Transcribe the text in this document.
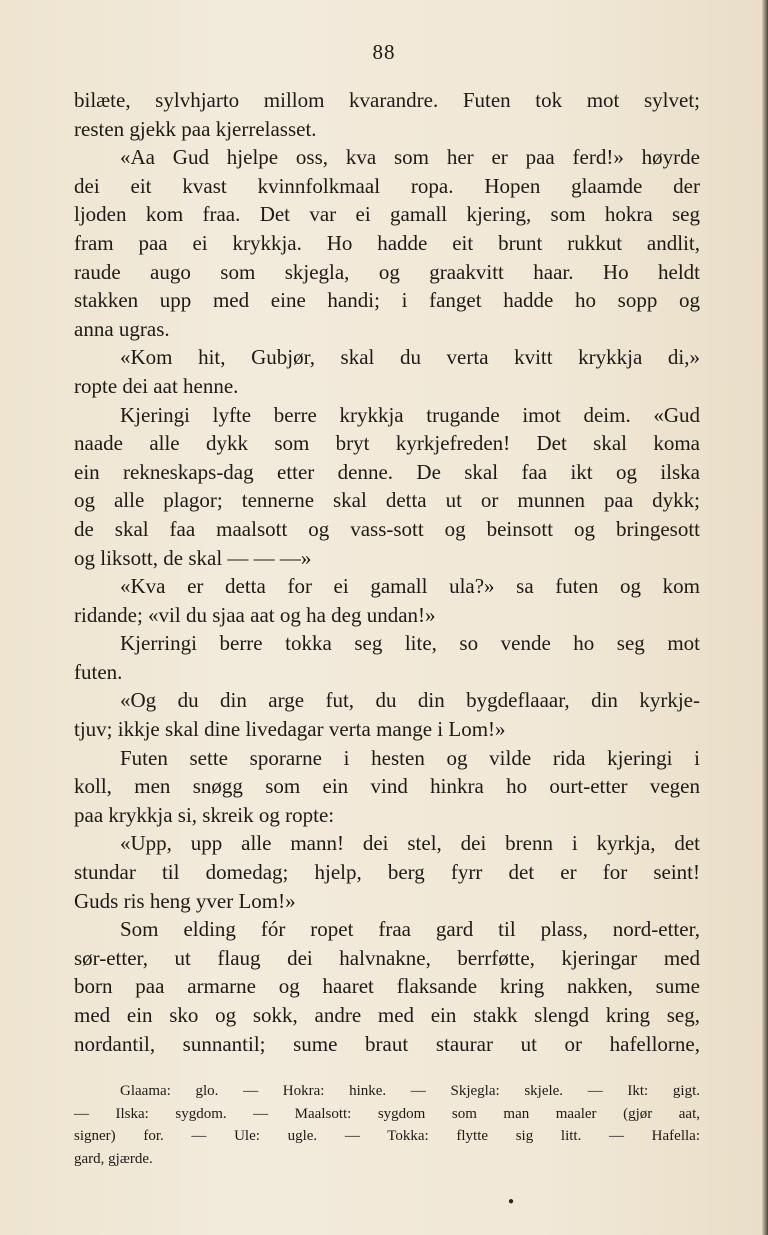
88
bilæte, sylvhjarto millom kvarandre. Futen tok mot sylvet;
resten gjekk paa kjerrelasset.
«Aa Gud hjelpe oss, kva som her er paa ferd!» høyrde
dei eit kvast kvinnfolkmaal ropa. Hopen glaamde der
ljoden kom fraa. Det var ei gamall kjering, som hokra seg
fram paa ei krykkja. Ho hadde eit brunt rukkut andlit,
raude augo som skjegla, og graakvitt haar. Ho heldt
stakken upp med eine handi; i fanget hadde ho sopp og
anna ugras.
«Kom hit, Gubjør, skal du verta kvitt krykkja di,»
ropte dei aat henne.
Kjeringi lyfte berre krykkja trugande imot deim. «Gud
naade alle dykk som bryt kyrkjefreden! Det skal koma
ein rekneskaps-dag etter denne. De skal faa ikt og ilska
og alle plagor; tennerne skal detta ut or munnen paa dykk;
de skal faa maalsott og vass-sott og beinsott og bringesott
og liksott, de skal — — —»
«Kva er detta for ei gamall ula?» sa futen og kom
ridande; «vil du sjaa aat og ha deg undan!»
Kjerringi berre tokka seg lite, so vende ho seg mot
futen.
«Og du din arge fut, du din bygdeflaaar, din kyrkje-
tjuv; ikkje skal dine livedagar verta mange i Lom!»
Futen sette sporarne i hesten og vilde rida kjeringi i
koll, men snøgg som ein vind hinkra ho ourt-etter vegen
paa krykkja si, skreik og ropte:
«Upp, upp alle mann! dei stel, dei brenn i kyrkja, det
stundar til domedag; hjelp, berg fyrr det er for seint!
Guds ris heng yver Lom!»
Som elding fór ropet fraa gard til plass, nord-etter,
sør-etter, ut flaug dei halvnakne, berrføtte, kjeringar med
born paa armarne og haaret flaksande kring nakken, sume
med ein sko og sokk, andre med ein stakk slengd kring seg,
nordantil, sunnantil; sume braut staurar ut or hafellorne,
Glaama: glo. — Hokra: hinke. — Skjegla: skjele. — Ikt: gigt.
— Ilska: sygdom. — Maalsott: sygdom som man maaler (gjør aat,
signer) for. — Ule: ugle. — Tokka: flytte sig litt. — Hafella:
gard, gjærde.
●
